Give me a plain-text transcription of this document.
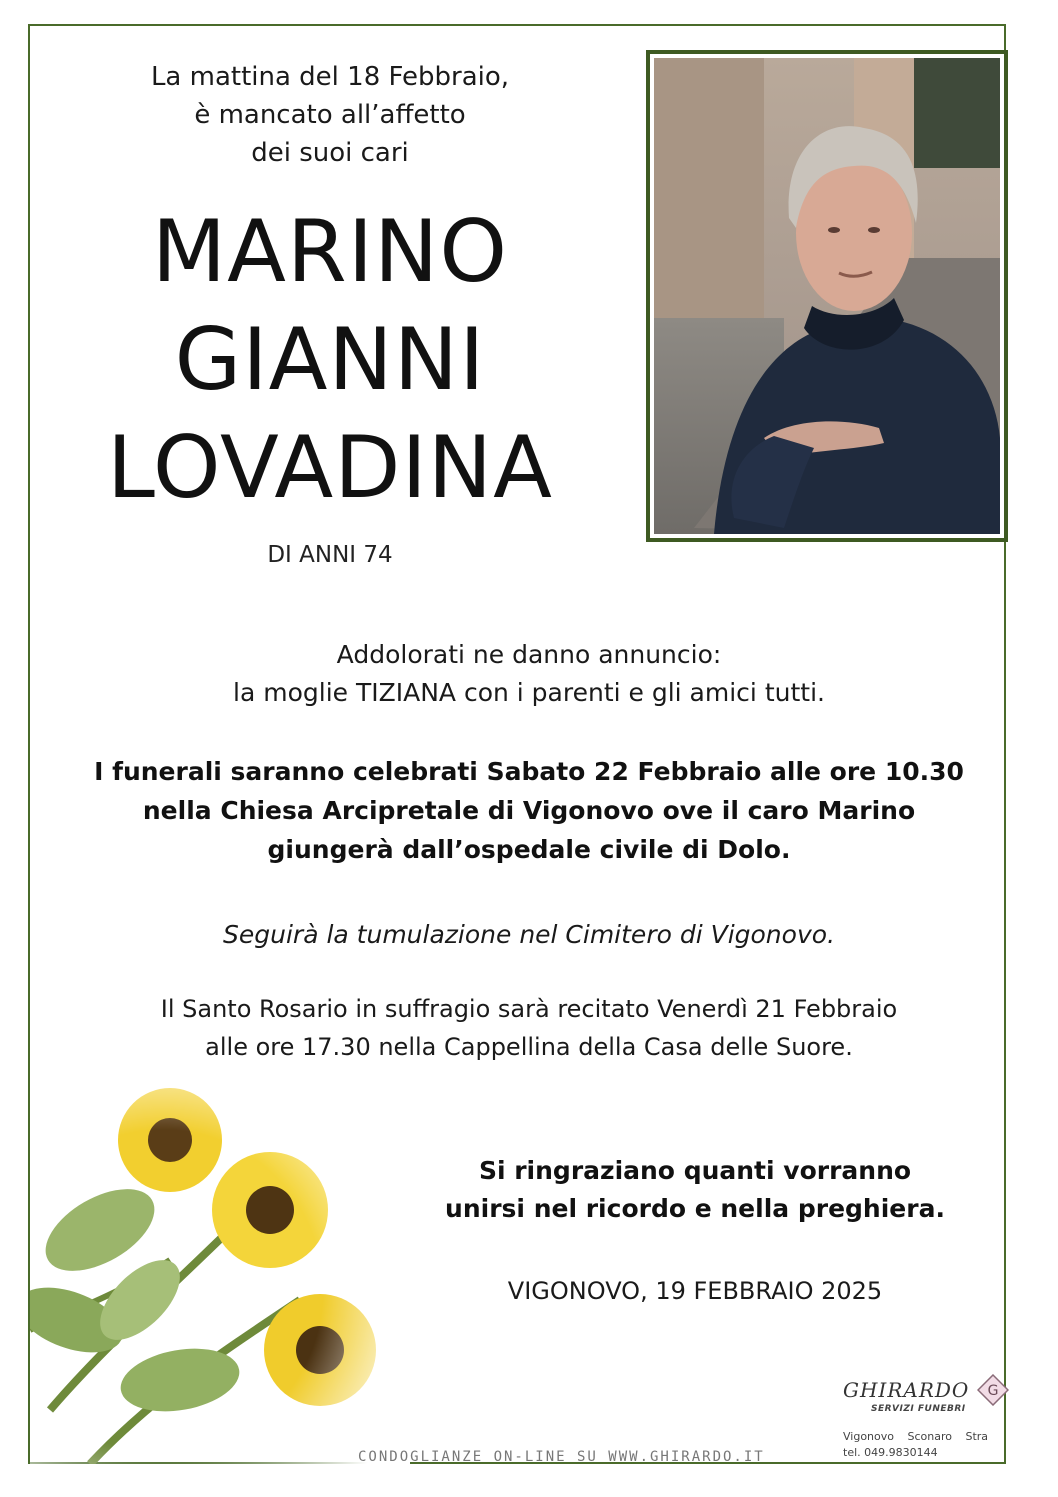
La mattina del 18 Febbraio,
è mancato all’affetto
dei suoi cari
MARINO
GIANNI
LOVADINA
DI ANNI 74
Addolorati ne danno annuncio:
la moglie TIZIANA con i parenti e gli amici tutti.
I funerali saranno celebrati Sabato 22 Febbraio alle ore 10.30
nella Chiesa Arcipretale di Vigonovo ove il caro Marino
giungerà dall’ospedale civile di Dolo.
Seguirà la tumulazione nel Cimitero di Vigonovo.
Il Santo Rosario in suffragio sarà recitato Venerdì 21 Febbraio
alle ore 17.30 nella Cappellina della Casa delle Suore.
Si ringraziano quanti vorranno
unirsi nel ricordo e nella preghiera.
VIGONOVO, 19 FEBBRAIO 2025
CONDOGLIANZE ON-LINE SU WWW.GHIRARDO.IT
GHIRARDO
SERVIZI FUNEBRI
G
Vigonovo Sconaro Stra
tel. 049.9830144
